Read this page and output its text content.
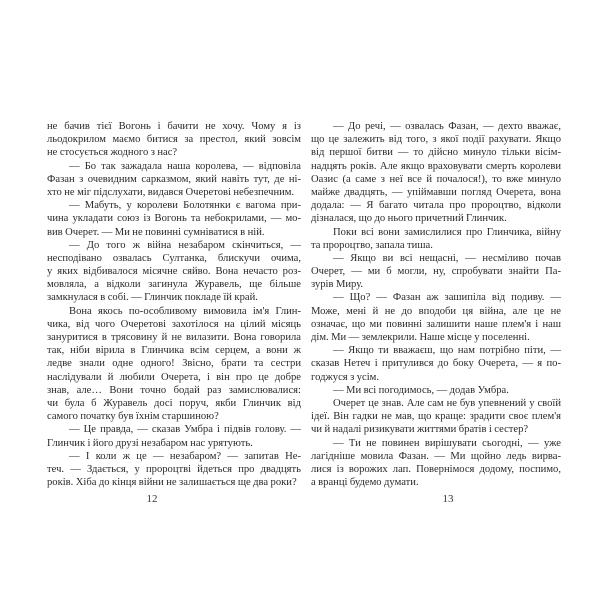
не бачив тієї Вогонь і бачити не хочу. Чому я із
льодокрилом маємо битися за престол, який зовсім
не стосується жодного з нас?
— Бо так зажадала наша королева, — відповіла
Фазан з очевидним сарказмом, який навіть тут, де ні-
хто не міг підслухати, видався Очеретові небезпечним.
— Мабуть, у королеви Болотянки є вагома при-
чина укладати союз із Вогонь та небокрилами, — мо-
вив Очерет. — Ми не повинні сумніватися в ній.
— До того ж війна незабаром скінчиться, —
несподівано озвалась Султанка, блискучи очима,
у яких відбивалося місячне сяйво. Вона нечасто роз-
мовляла, а відколи загинула Журавель, ще більше
замкнулася в собі. — Глинчик покладе їй край.
Вона якось по-особливому вимовила ім'я Глин-
чика, від чого Очеретові захотілося на цілий місяць
зануритися в трясовину й не вилазити. Вона говорила
так, ніби вірила в Глинчика всім серцем, а вони ж
ледве знали одне одного! Звісно, брати та сестри
наслідували й любили Очерета, і він про це добре
знав, але… Вони точно бодай раз замислювалися:
чи була б Журавель досі поруч, якби Глинчик від
самого початку був їхнім старшиною?
— Це правда, — сказав Умбра і підвів голову. —
Глинчик і його друзі незабаром нас урятують.
— І коли ж це — незабаром? — запитав Не-
теч. — Здається, у пророцтві йдеться про двадцять
років. Хіба до кінця війни не залишається ще два роки?
— До речі, — озвалась Фазан, — дехто вважає,
що це залежить від того, з якої події рахувати. Якщо
від першої битви — то дійсно минуло тільки вісім-
надцять років. Але якщо враховувати смерть королеви
Оазис (а саме з неї все й почалося!), то вже минуло
майже двадцять, — упіймавши погляд Очерета, вона
додала: — Я багато читала про пророцтво, відколи
дізналася, що до нього причетний Глинчик.
Поки всі вони замислилися про Глинчика, війну
та пророцтво, запала тиша.
— Якщо ви всі нещасні, — несміливо почав
Очерет, — ми б могли, ну, спробувати знайти Па-
зурів Миру.
— Що? — Фазан аж зашипіла від подиву. —
Може, мені й не до вподоби ця війна, але це не
означає, що ми повинні залишити наше плем'я і наш
дім. Ми — землекрили. Наше місце у поселенні.
— Якщо ти вважаєш, що нам потрібно піти, —
сказав Нетеч і притулився до боку Очерета, — я по-
годжуся з усім.
— Ми всі погодимось, — додав Умбра.
Очерет це знав. Але сам не був упевнений у своїй
ідеї. Він гадки не мав, що краще: зрадити своє плем'я
чи й надалі ризикувати життями братів і сестер?
— Ти не повинен вирішувати сьогодні, — уже
лагідніше мовила Фазан. — Ми щойно ледь вирва-
лися із ворожих лап. Повернімося додому, поспимо,
а вранці будемо думати.
12	13
